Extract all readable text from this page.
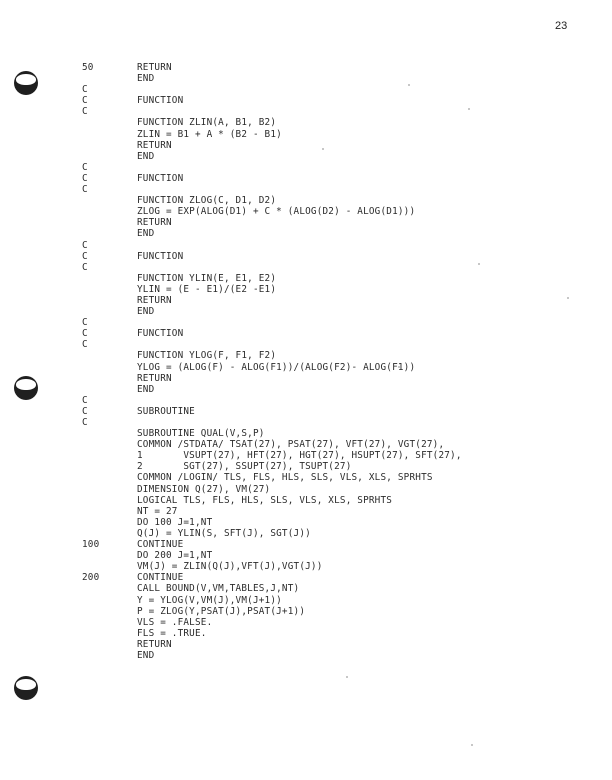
23
50	RETURN
END
C
C	FUNCTION
C
FUNCTION ZLIN(A, B1, B2)
ZLIN = B1 + A * (B2 - B1)
RETURN
END
C
C	FUNCTION
C
FUNCTION ZLOG(C, D1, D2)
ZLOG = EXP(ALOG(D1) + C * (ALOG(D2) - ALOG(D1)))
RETURN
END
C
C	FUNCTION
C
FUNCTION YLIN(E, E1, E2)
YLIN = (E - E1)/(E2 -E1)
RETURN
END
C
C	FUNCTION
C
FUNCTION YLOG(F, F1, F2)
YLOG = (ALOG(F) - ALOG(F1))/(ALOG(F2)- ALOG(F1))
RETURN
END
C
C	SUBROUTINE
C
SUBROUTINE QUAL(V,S,P)
COMMON /STDATA/ TSAT(27), PSAT(27), VFT(27), VGT(27),
1       VSUPT(27), HFT(27), HGT(27), HSUPT(27), SFT(27),
2       SGT(27), SSUPT(27), TSUPT(27)
COMMON /LOGIN/ TLS, FLS, HLS, SLS, VLS, XLS, SPRHTS
DIMENSION Q(27), VM(27)
LOGICAL TLS, FLS, HLS, SLS, VLS, XLS, SPRHTS
NT = 27
DO 100 J=1,NT
Q(J) = YLIN(S, SFT(J), SGT(J))
100	CONTINUE
DO 200 J=1,NT
VM(J) = ZLIN(Q(J),VFT(J),VGT(J))
200	CONTINUE
CALL BOUND(V,VM,TABLES,J,NT)
Y = YLOG(V,VM(J),VM(J+1))
P = ZLOG(Y,PSAT(J),PSAT(J+1))
VLS = .FALSE.
FLS = .TRUE.
RETURN
END
